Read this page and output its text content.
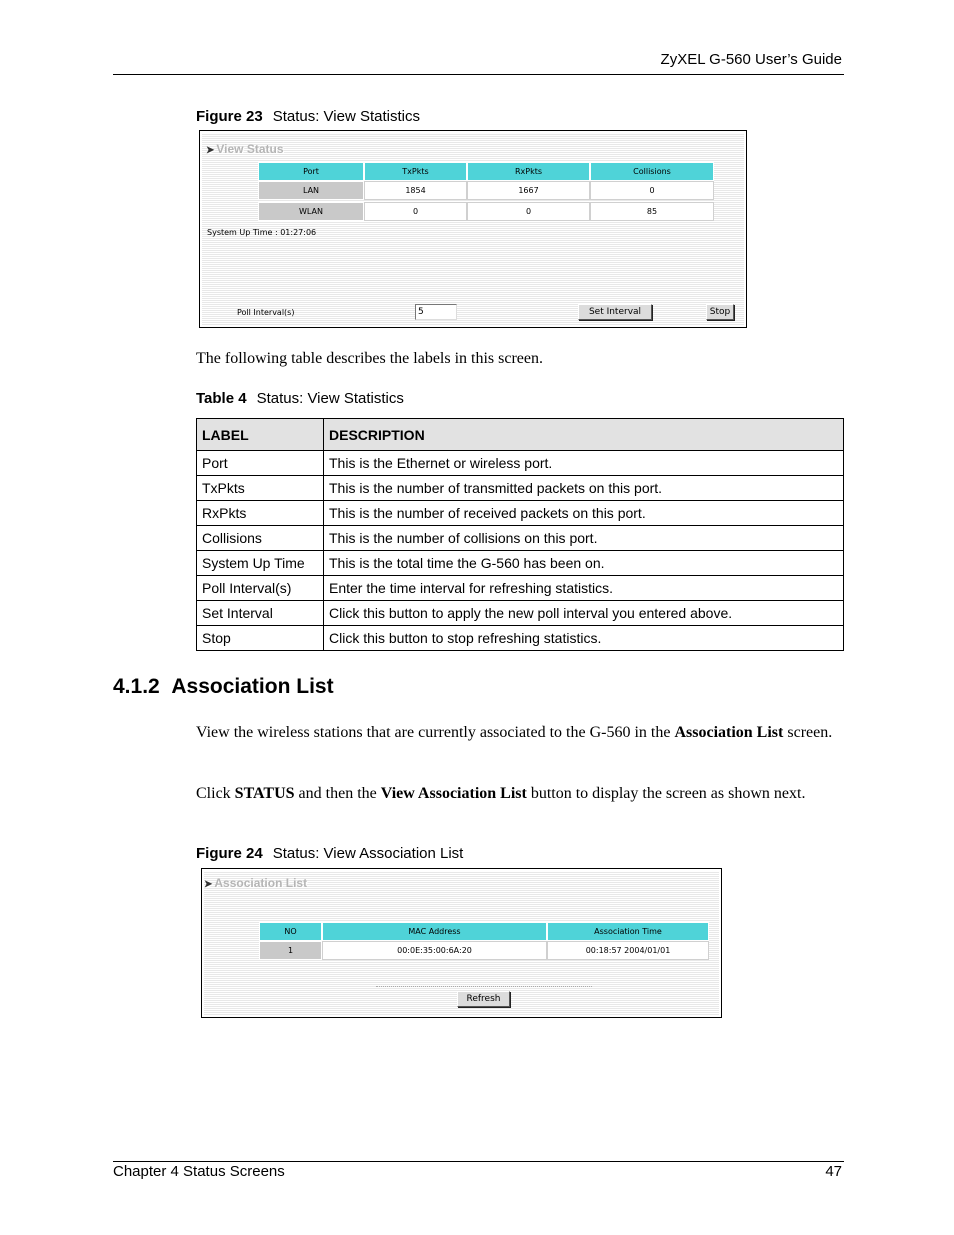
ZyXEL G-560 User’s Guide
Figure 23 Status: View Statistics
➤ View Status
Port	TxPkts	RxPkts	Collisions
LAN	1854	1667	0
WLAN	0	0	85
System Up Time : 01:27:06
Poll Interval(s)	5	Set Interval	Stop
The following table describes the labels in this screen.
Table 4 Status: View Statistics
LABEL	DESCRIPTION
Port	This is the Ethernet or wireless port.
TxPkts	This is the number of transmitted packets on this port.
RxPkts	This is the number of received packets on this port.
Collisions	This is the number of collisions on this port.
System Up Time	This is the total time the G-560 has been on.
Poll Interval(s)	Enter the time interval for refreshing statistics.
Set Interval	Click this button to apply the new poll interval you entered above.
Stop	Click this button to stop refreshing statistics.
4.1.2 Association List
View the wireless stations that are currently associated to the G-560 in the Association List screen.
Click STATUS and then the View Association List button to display the screen as shown next.
Figure 24 Status: View Association List
➤ Association List
NO	MAC Address	Association Time
1	00:0E:35:00:6A:20	00:18:57 2004/01/01
Refresh
Chapter 4 Status Screens	47
